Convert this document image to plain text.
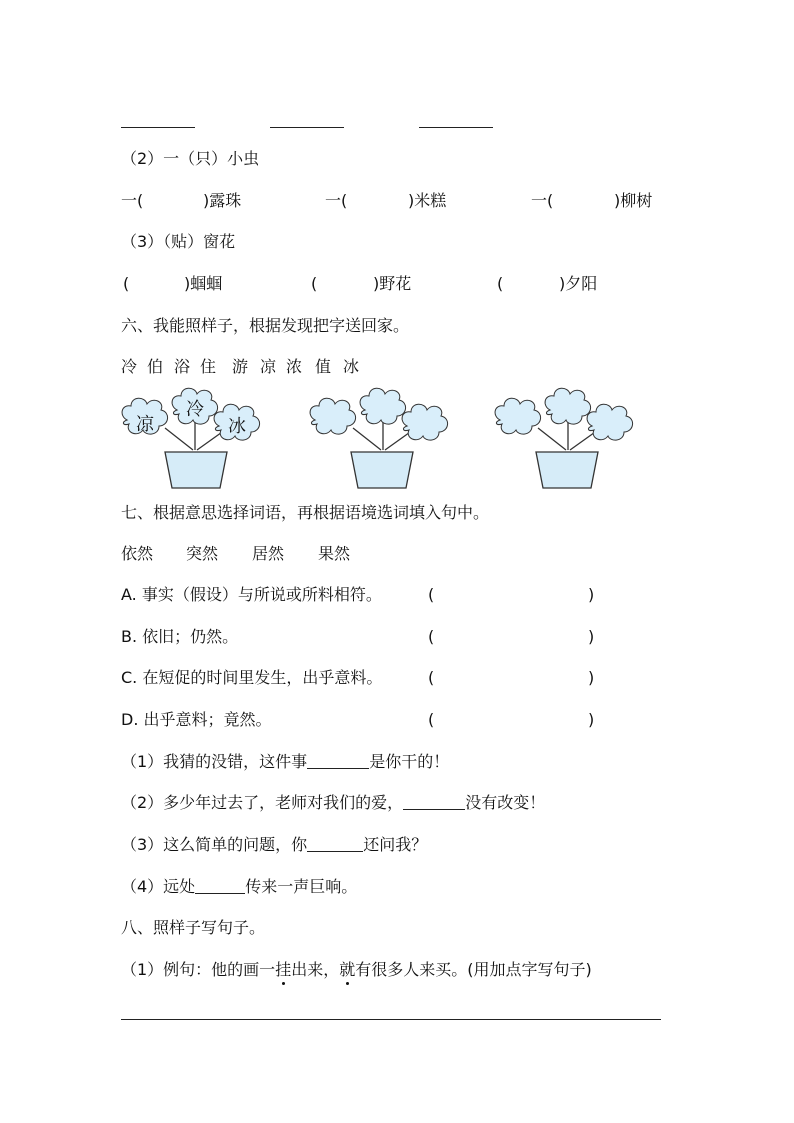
（2）一（只）小虫
一(	)露珠	一(	)米糕	一(	)柳树
（3）（贴）窗花
(	)蝈蝈	(	)野花	(	)夕阳
六、我能照样子，根据发现把字送回家。
冷 伯 浴 住 游 凉 浓 值 冰
凉
冷
冰
七、根据意思选择词语，再根据语境选词填入句中。
依然 突然 居然 果然
A. 事实（假设）与所说或所料相符。	(	)
B. 依旧；仍然。	(	)
C. 在短促的时间里发生，出乎意料。	(	)
D. 出乎意料；竟然。	(	)
（1）我猜的没错，这件事	是你干的！
（2）多少年过去了，老师对我们的爱，	没有改变！
（3）这么简单的问题，你	还问我？
（4）远处	传来一声巨响。
八、照样子写句子。
（1）例句：他的画一挂出来，就有很多人来买。(用加点字写句子)
